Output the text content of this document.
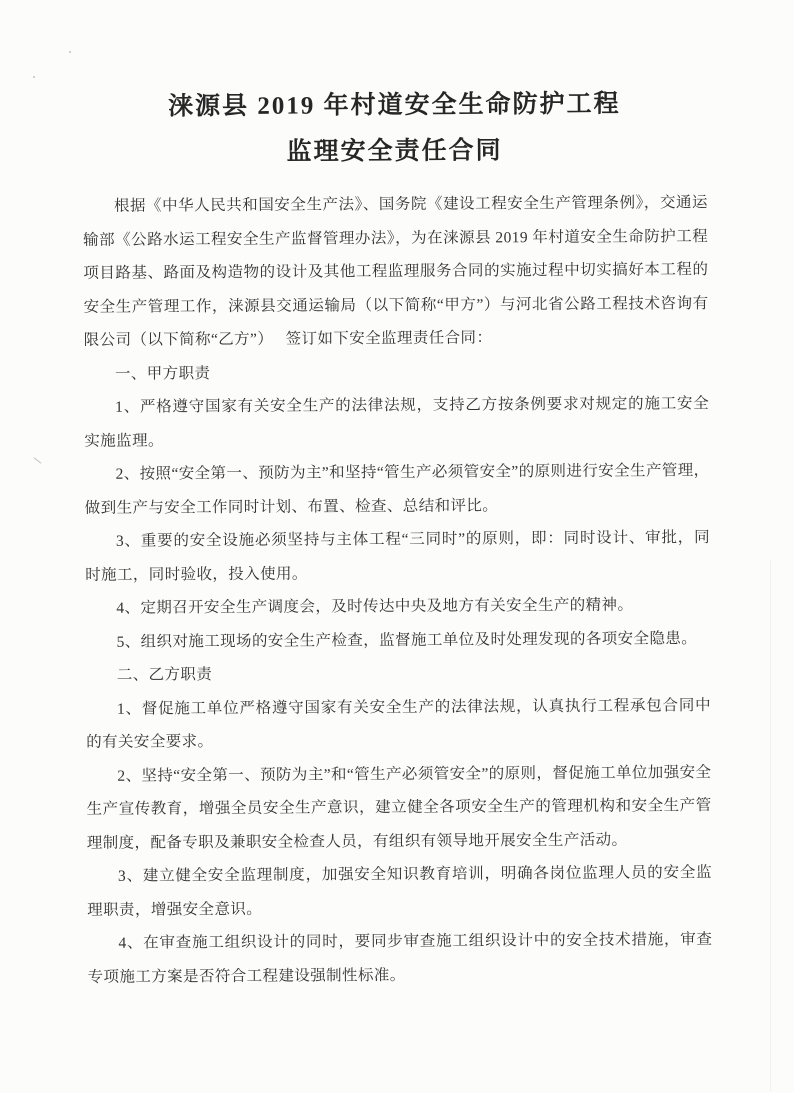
涞源县 2019 年村道安全生命防护工程
监理安全责任合同

根据《中华人民共和国安全生产法》、国务院《建设工程安全生产管理条例》，交通运输部《公路水运工程安全生产监督管理办法》，为在涞源县 2019 年村道安全生命防护工程项目路基、路面及构造物的设计及其他工程监理服务合同的实施过程中切实搞好本工程的安全生产管理工作，涞源县交通运输局（以下简称“甲方”）与河北省公路工程技术咨询有限公司（以下简称“乙方”）　 签订如下安全监理责任合同：

一、甲方职责

1、严格遵守国家有关安全生产的法律法规，支持乙方按条例要求对规定的施工安全实施监理。

2、按照“安全第一、预防为主”和坚持“管生产必须管安全”的原则进行安全生产管理，做到生产与安全工作同时计划、布置、检查、总结和评比。

3、重要的安全设施必须坚持与主体工程“三同时”的原则，即：同时设计、审批，同时施工，同时验收，投入使用。

4、定期召开安全生产调度会，及时传达中央及地方有关安全生产的精神。

5、组织对施工现场的安全生产检查，监督施工单位及时处理发现的各项安全隐患。

二、乙方职责

1、督促施工单位严格遵守国家有关安全生产的法律法规，认真执行工程承包合同中的有关安全要求。

2、坚持“安全第一、预防为主”和“管生产必须管安全”的原则，督促施工单位加强安全生产宣传教育，增强全员安全生产意识，建立健全各项安全生产的管理机构和安全生产管理制度，配备专职及兼职安全检查人员，有组织有领导地开展安全生产活动。

3、建立健全安全监理制度，加强安全知识教育培训，明确各岗位监理人员的安全监理职责，增强安全意识。

4、在审查施工组织设计的同时，要同步审查施工组织设计中的安全技术措施，审查专项施工方案是否符合工程建设强制性标准。
